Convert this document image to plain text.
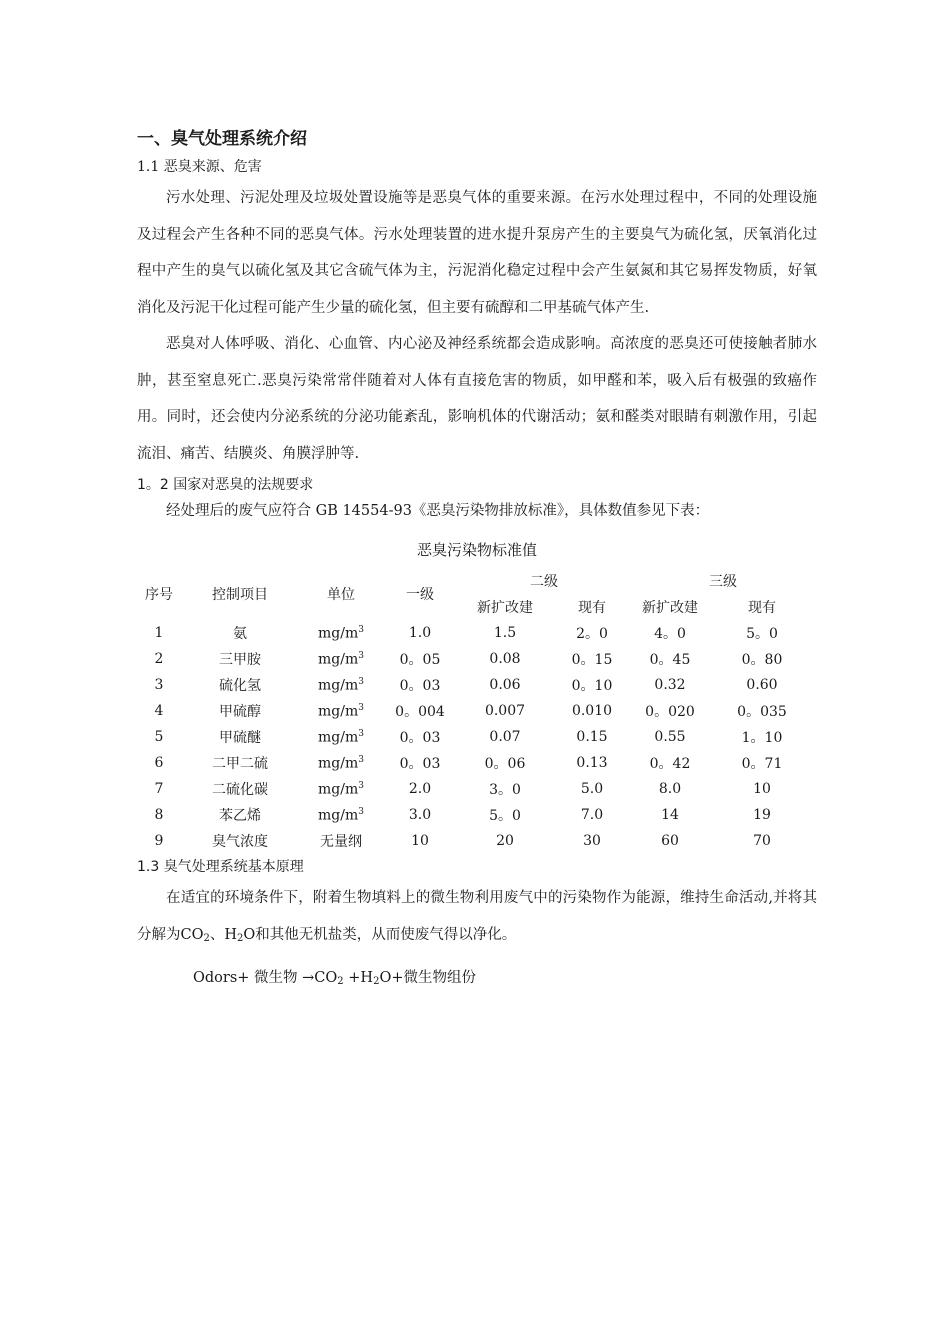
一、臭气处理系统介绍
1.1 恶臭来源、危害

污水处理、污泥处理及垃圾处置设施等是恶臭气体的重要来源。在污水处理过程中，不同的处理设施及过程会产生各种不同的恶臭气体。污水处理装置的进水提升泵房产生的主要臭气为硫化氢，厌氧消化过程中产生的臭气以硫化氢及其它含硫气体为主，污泥消化稳定过程中会产生氨氮和其它易挥发物质，好氧消化及污泥干化过程可能产生少量的硫化氢，但主要有硫醇和二甲基硫气体产生.

恶臭对人体呼吸、消化、心血管、内心泌及神经系统都会造成影响。高浓度的恶臭还可使接触者肺水肿，甚至窒息死亡.恶臭污染常常伴随着对人体有直接危害的物质，如甲醛和苯，吸入后有极强的致癌作用。同时，还会使内分泌系统的分泌功能紊乱，影响机体的代谢活动；氨和醛类对眼睛有刺激作用，引起流泪、痛苦、结膜炎、角膜浮肿等.

1。2 国家对恶臭的法规要求

经处理后的废气应符合 GB 14554-93《恶臭污染物排放标准》，具体数值参见下表：

恶臭污染物标准值
序号	控制项目	单位	一级	二级		三级	
				新扩改建	现有	新扩改建	现有
1	氨	$mg/m^3$	1.0	1.5	2。0	4。0	5。0
2	三甲胺	$mg/m^3$	0。05	0.08	0。15	0。45	0。80
3	硫化氢	$mg/m^3$	0。03	0.06	0。10	0.32	0.60
4	甲硫醇	$mg/m^3$	0。004	0.007	0.010	0。020	0。035
5	甲硫醚	$mg/m^3$	0。03	0.07	0.15	0.55	1。10
6	二甲二硫	$mg/m^3$	0。03	0。06	0.13	0。42	0。71
7	二硫化碳	$mg/m^3$	2.0	3。0	5.0	8.0	10
8	苯乙烯	$mg/m^3$	3.0	5。0	7.0	14	19
9	臭气浓度	无量纲	10	20	30	60	70
1.3 臭气处理系统基本原理

在适宜的环境条件下，附着生物填料上的微生物利用废气中的污染物作为能源，维持生命活动,并将其分解为CO2、H2O和其他无机盐类，从而使废气得以净化。

Odors+ 微生物 →CO2 +H2O+微生物组份
